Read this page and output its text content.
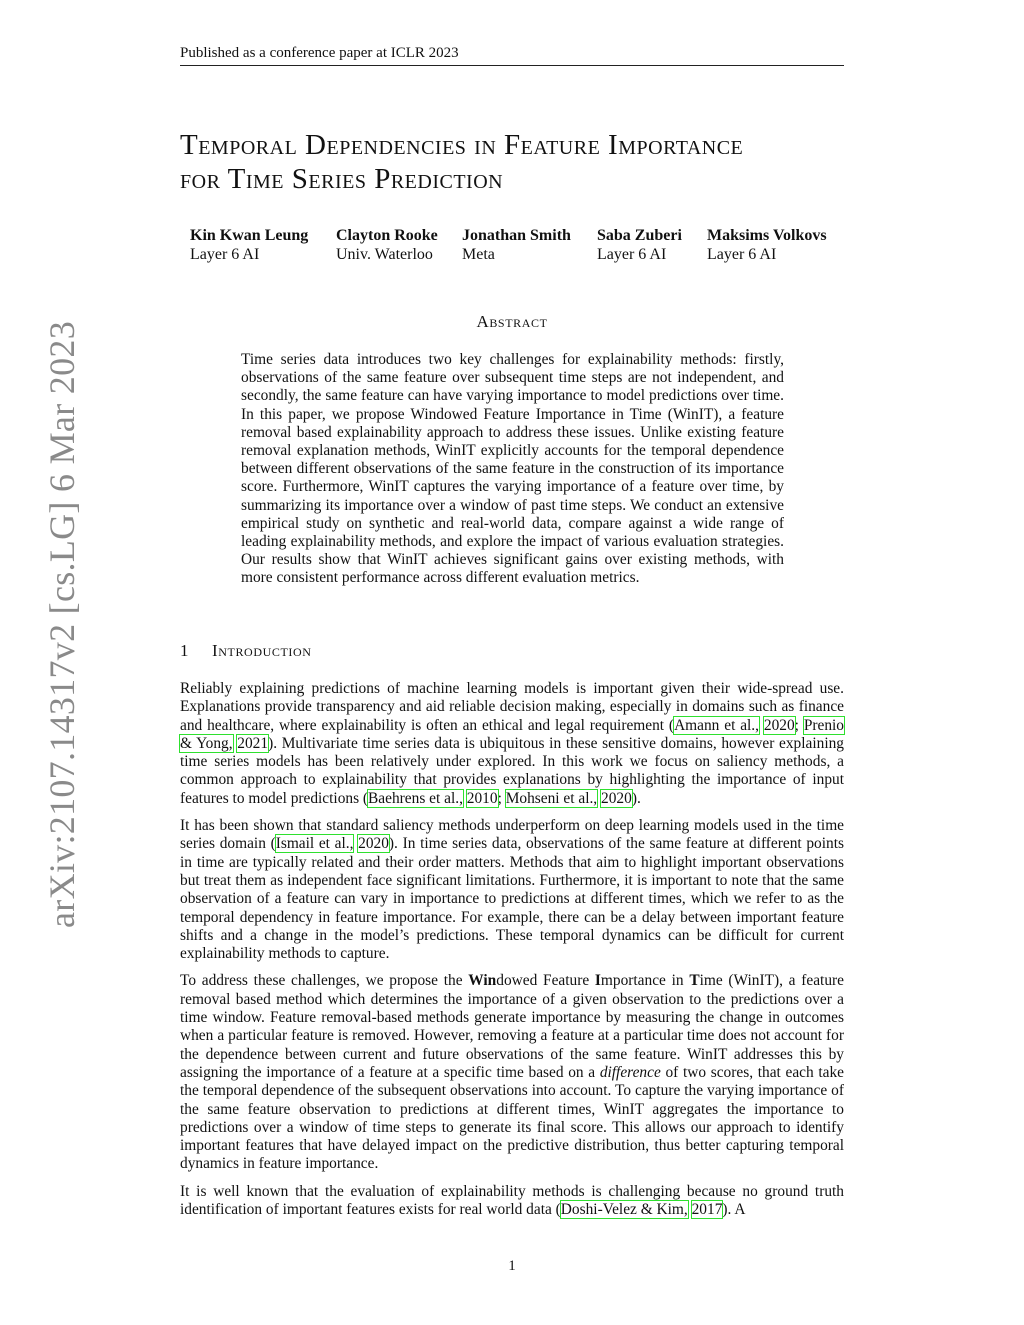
Published as a conference paper at ICLR 2023
arXiv:2107.14317v2 [cs.LG] 6 Mar 2023
Temporal Dependencies in Feature Importance
for Time Series Prediction
Kin Kwan Leung
Layer 6 AI
Clayton Rooke
Univ. Waterloo
Jonathan Smith
Meta
Saba Zuberi
Layer 6 AI
Maksims Volkovs
Layer 6 AI
Abstract

Time series data introduces two key challenges for explainability methods: firstly, observations of the same feature over subsequent time steps are not independent, and secondly, the same feature can have varying importance to model predictions over time. In this paper, we propose Windowed Feature Importance in Time (WinIT), a feature removal based explainability approach to address these issues. Unlike existing feature removal explanation methods, WinIT explicitly accounts for the temporal dependence between different observations of the same feature in the construction of its importance score. Furthermore, WinIT captures the varying importance of a feature over time, by summarizing its importance over a window of past time steps. We conduct an extensive empirical study on synthetic and real-world data, compare against a wide range of leading explainability methods, and explore the impact of various evaluation strategies. Our results show that WinIT achieves significant gains over existing methods, with more consistent performance across different evaluation metrics.

1 Introduction

Reliably explaining predictions of machine learning models is important given their wide-spread use. Explanations provide transparency and aid reliable decision making, especially in domains such as finance and healthcare, where explainability is often an ethical and legal requirement (Amann et al., 2020; Prenio & Yong, 2021). Multivariate time series data is ubiquitous in these sensitive domains, however explaining time series models has been relatively under explored. In this work we focus on saliency methods, a common approach to explainability that provides explanations by highlighting the importance of input features to model predictions (Baehrens et al., 2010; Mohseni et al., 2020).

It has been shown that standard saliency methods underperform on deep learning models used in the time series domain (Ismail et al., 2020). In time series data, observations of the same feature at different points in time are typically related and their order matters. Methods that aim to highlight important observations but treat them as independent face significant limitations. Furthermore, it is important to note that the same observation of a feature can vary in importance to predictions at different times, which we refer to as the temporal dependency in feature importance. For example, there can be a delay between important feature shifts and a change in the model’s predictions. These temporal dynamics can be difficult for current explainability methods to capture.

To address these challenges, we propose the Windowed Feature Importance in Time (WinIT), a feature removal based method which determines the importance of a given observation to the predictions over a time window. Feature removal-based methods generate importance by measuring the change in outcomes when a particular feature is removed. However, removing a feature at a particular time does not account for the dependence between current and future observations of the same feature. WinIT addresses this by assigning the importance of a feature at a specific time based on a difference of two scores, that each take the temporal dependence of the subsequent observations into account. To capture the varying importance of the same feature observation to predictions at different times, WinIT aggregates the importance to predictions over a window of time steps to generate its final score. This allows our approach to identify important features that have delayed impact on the predictive distribution, thus better capturing temporal dynamics in feature importance.

It is well known that the evaluation of explainability methods is challenging because no ground truth identification of important features exists for real world data (Doshi-Velez & Kim, 2017). A

1
